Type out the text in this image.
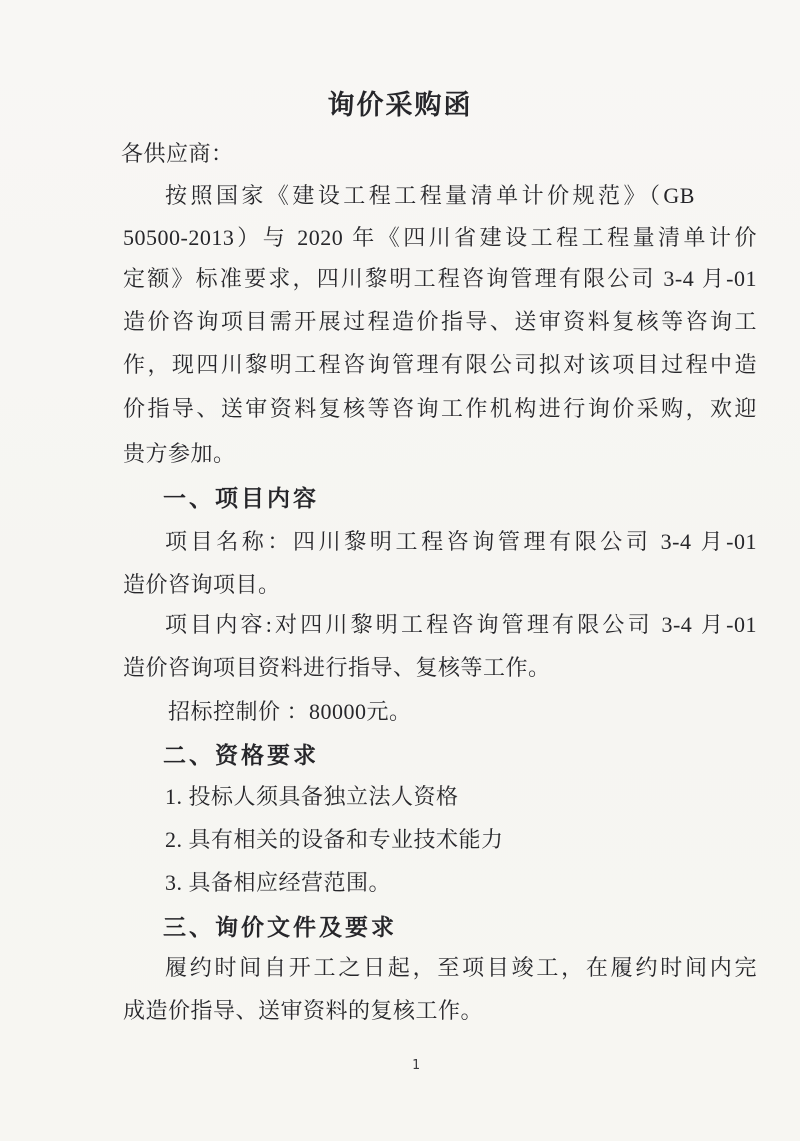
询价采购函
各供应商：
按照国家《建设工程工程量清单计价规范》（GB
50500-2013）与 2020 年《四川省建设工程工程量清单计价
定额》标准要求，四川黎明工程咨询管理有限公司 3-4 月-01
造价咨询项目需开展过程造价指导、送审资料复核等咨询工
作，现四川黎明工程咨询管理有限公司拟对该项目过程中造
价指导、送审资料复核等咨询工作机构进行询价采购，欢迎
贵方参加。
一、项目内容
项目名称：四川黎明工程咨询管理有限公司 3-4 月-01
造价咨询项目。
项目内容:对四川黎明工程咨询管理有限公司 3-4 月-01
造价咨询项目资料进行指导、复核等工作。
招标控制价 ：80000元。
二、资格要求
1. 投标人须具备独立法人资格
2. 具有相关的设备和专业技术能力
3. 具备相应经营范围。
三、询价文件及要求
履约时间自开工之日起，至项目竣工，在履约时间内完
成造价指导、送审资料的复核工作。
1
